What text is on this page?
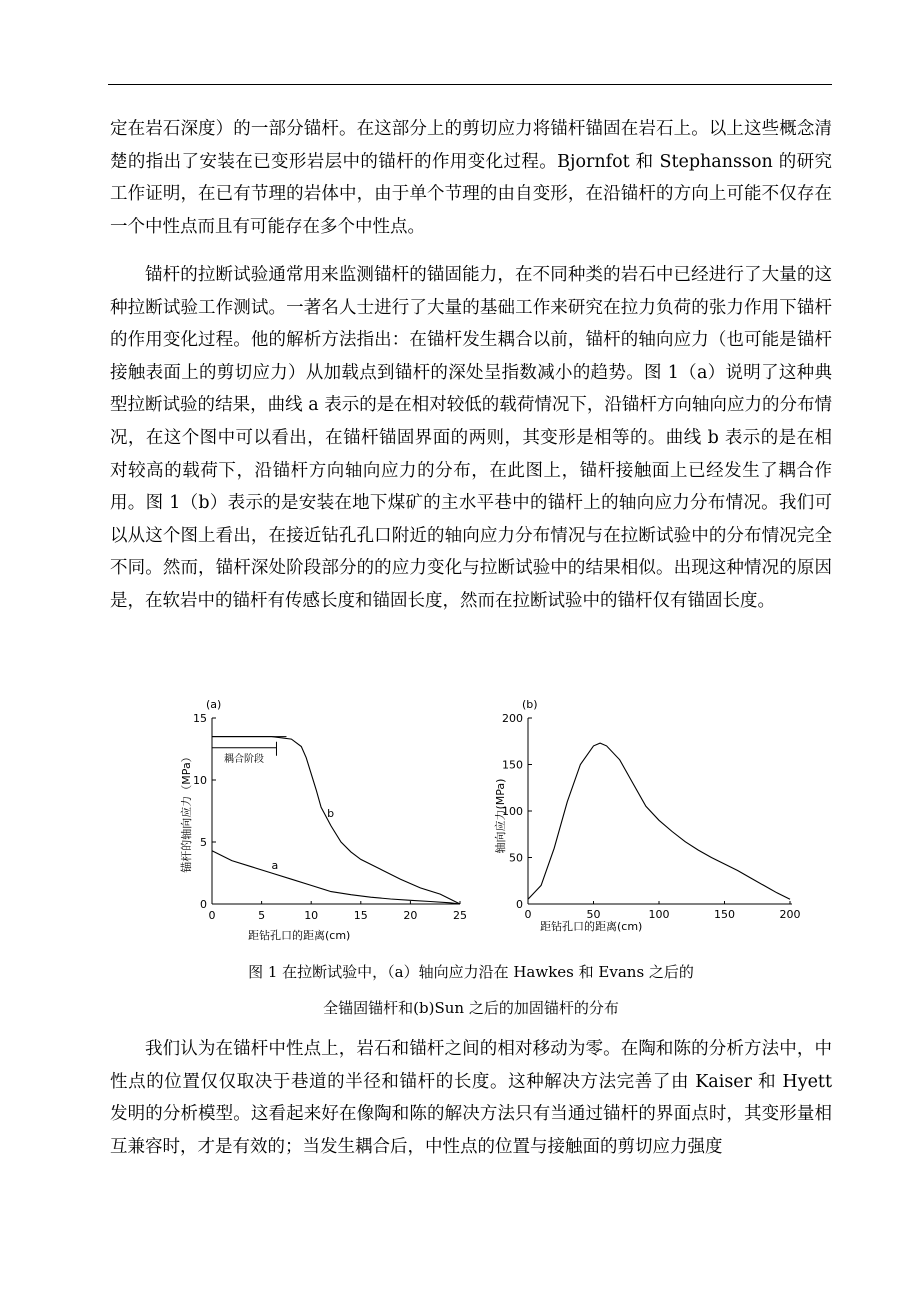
定在岩石深度）的一部分锚杆。在这部分上的剪切应力将锚杆锚固在岩石上。以上这些概念清楚的指出了安装在已变形岩层中的锚杆的作用变化过程。Bjornfot 和 Stephansson 的研究工作证明，在已有节理的岩体中，由于单个节理的由自变形，在沿锚杆的方向上可能不仅存在一个中性点而且有可能存在多个中性点。

锚杆的拉断试验通常用来监测锚杆的锚固能力，在不同种类的岩石中已经进行了大量的这种拉断试验工作测试。一著名人士进行了大量的基础工作来研究在拉力负荷的张力作用下锚杆的作用变化过程。他的解析方法指出：在锚杆发生耦合以前，锚杆的轴向应力（也可能是锚杆接触表面上的剪切应力）从加载点到锚杆的深处呈指数减小的趋势。图 1（a）说明了这种典型拉断试验的结果，曲线 a 表示的是在相对较低的载荷情况下，沿锚杆方向轴向应力的分布情况，在这个图中可以看出，在锚杆锚固界面的两则，其变形是相等的。曲线 b 表示的是在相对较高的载荷下，沿锚杆方向轴向应力的分布，在此图上，锚杆接触面上已经发生了耦合作用。图 1（b）表示的是安装在地下煤矿的主水平巷中的锚杆上的轴向应力分布情况。我们可以从这个图上看出，在接近钻孔孔口附近的轴向应力分布情况与在拉断试验中的分布情况完全不同。然而，锚杆深处阶段部分的的应力变化与拉断试验中的结果相似。出现这种情况的原因是，在软岩中的锚杆有传感长度和锚固长度，然而在拉断试验中的锚杆仅有锚固长度。

(a)
0	5	10	15	20	25
0
5
10
15
耦合阶段
a
b
锚杆的轴向应力（MPa）
距钻孔口的距离(cm)
(b)
0	50	100	150	200
0
50
100
150
200
轴向应力(MPa)
距钻孔口的距离(cm)
图 1 在拉断试验中，（a）轴向应力沿在 Hawkes 和 Evans 之后的
全锚固锚杆和(b)Sun 之后的加固锚杆的分布

我们认为在锚杆中性点上，岩石和锚杆之间的相对移动为零。在陶和陈的分析方法中，中性点的位置仅仅取决于巷道的半径和锚杆的长度。这种解决方法完善了由 Kaiser 和 Hyett 发明的分析模型。这看起来好在像陶和陈的解决方法只有当通过锚杆的界面点时，其变形量相互兼容时，才是有效的；当发生耦合后，中性点的位置与接触面的剪切应力强度
